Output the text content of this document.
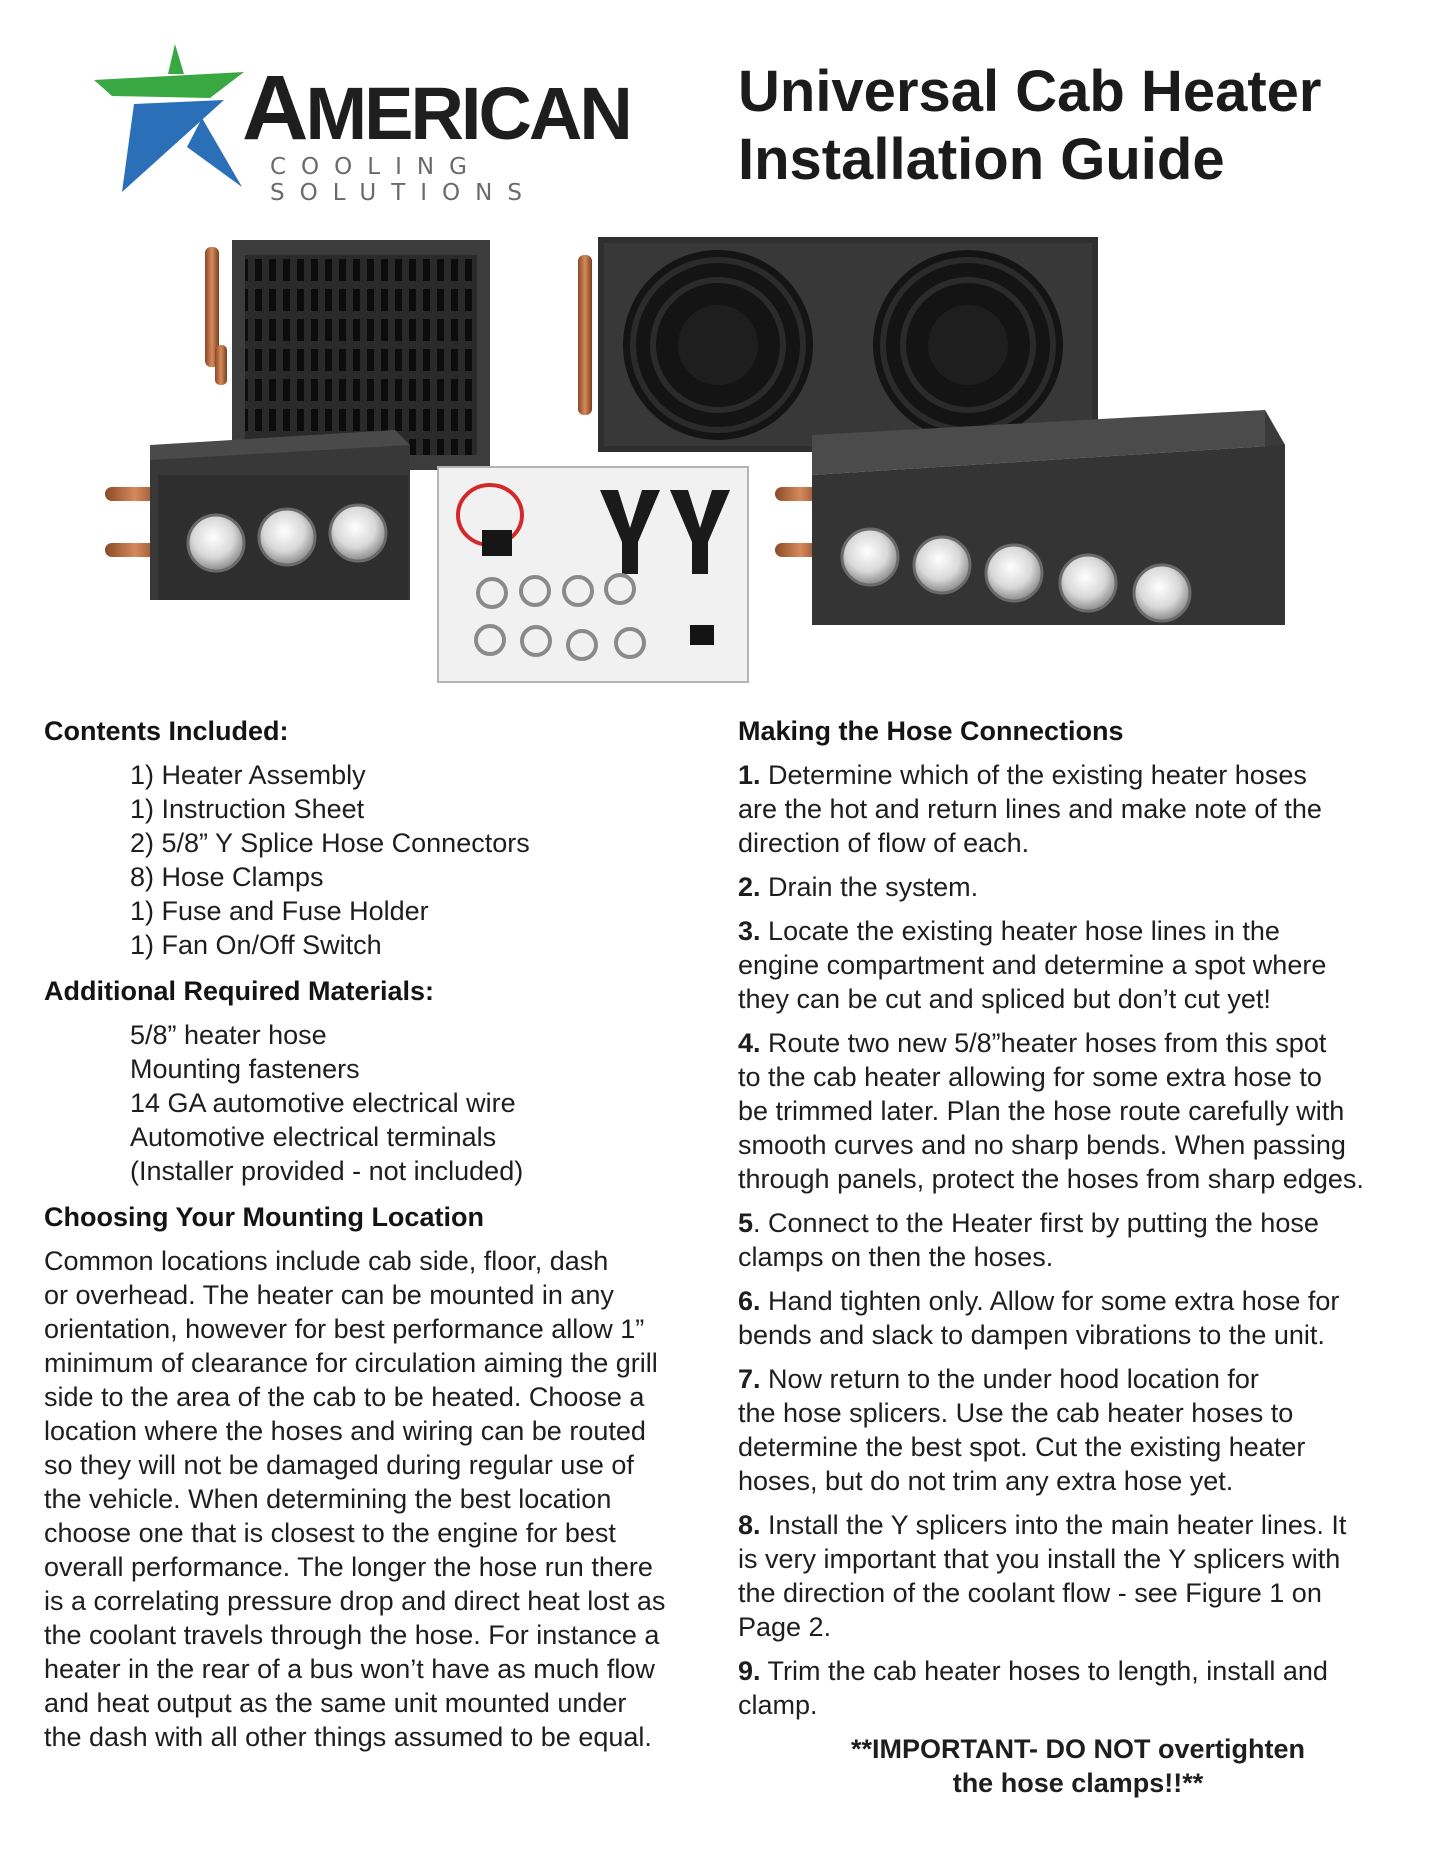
AMERICAN
COOLING SOLUTIONS
Universal Cab Heater
Installation Guide
Contents Included:
1) Heater Assembly
1) Instruction Sheet
2) 5/8” Y Splice Hose Connectors
8) Hose Clamps
1) Fuse and Fuse Holder
1) Fan On/Off Switch
Additional Required Materials:
5/8” heater hose
Mounting fasteners
14 GA automotive electrical wire
Automotive electrical terminals
(Installer provided - not included)
Choosing Your Mounting Location
Common locations include cab side, floor, dash
or overhead. The heater can be mounted in any
orientation, however for best performance allow 1”
minimum of clearance for circulation aiming the grill
side to the area of the cab to be heated. Choose a
location where the hoses and wiring can be routed
so they will not be damaged during regular use of
the vehicle. When determining the best location
choose one that is closest to the engine for best
overall performance. The longer the hose run there
is a correlating pressure drop and direct heat lost as
the coolant travels through the hose. For instance a
heater in the rear of a bus won’t have as much flow
and heat output as the same unit mounted under
the dash with all other things assumed to be equal.
Making the Hose Connections
1. Determine which of the existing heater hoses
are the hot and return lines and make note of the
direction of flow of each.
2. Drain the system.
3. Locate the existing heater hose lines in the
engine compartment and determine a spot where
they can be cut and spliced but don’t cut yet!
4. Route two new 5/8”heater hoses from this spot
to the cab heater allowing for some extra hose to
be trimmed later. Plan the hose route carefully with
smooth curves and no sharp bends. When passing
through panels, protect the hoses from sharp edges.
5. Connect to the Heater first by putting the hose
clamps on then the hoses.
6. Hand tighten only. Allow for some extra hose for
bends and slack to dampen vibrations to the unit.
7. Now return to the under hood location for
the hose splicers. Use the cab heater hoses to
determine the best spot. Cut the existing heater
hoses, but do not trim any extra hose yet.
8. Install the Y splicers into the main heater lines. It
is very important that you install the Y splicers with
the direction of the coolant flow - see Figure 1 on
Page 2.
9. Trim the cab heater hoses to length, install and
clamp.
**IMPORTANT- DO NOT overtighten
the hose clamps!!**
